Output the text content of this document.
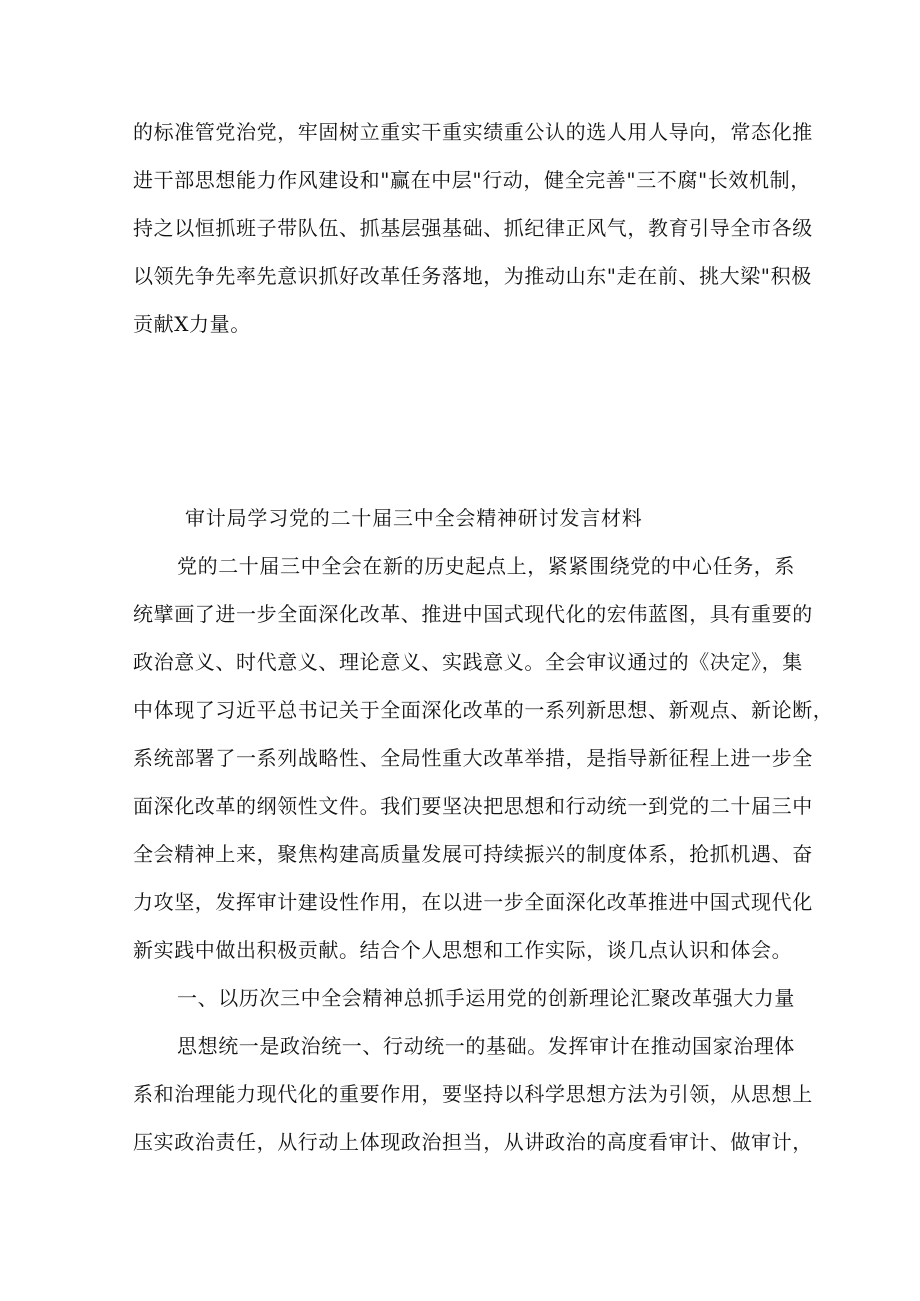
的标准管党治党，牢固树立重实干重实绩重公认的选人用人导向，常态化推
进干部思想能力作风建设和"赢在中层"行动，健全完善"三不腐"长效机制，
持之以恒抓班子带队伍、抓基层强基础、抓纪律正风气，教育引导全市各级
以领先争先率先意识抓好改革任务落地，为推动山东"走在前、挑大梁"积极
贡献X力量。
审计局学习党的二十届三中全会精神研讨发言材料
党的二十届三中全会在新的历史起点上，紧紧围绕党的中心任务，系
统擘画了进一步全面深化改革、推进中国式现代化的宏伟蓝图，具有重要的
政治意义、时代意义、理论意义、实践意义。全会审议通过的《决定》，集
中体现了习近平总书记关于全面深化改革的一系列新思想、新观点、新论断，
系统部署了一系列战略性、全局性重大改革举措，是指导新征程上进一步全
面深化改革的纲领性文件。我们要坚决把思想和行动统一到党的二十届三中
全会精神上来，聚焦构建高质量发展可持续振兴的制度体系，抢抓机遇、奋
力攻坚，发挥审计建设性作用，在以进一步全面深化改革推进中国式现代化
新实践中做出积极贡献。结合个人思想和工作实际，谈几点认识和体会。
一、以历次三中全会精神总抓手运用党的创新理论汇聚改革强大力量
思想统一是政治统一、行动统一的基础。发挥审计在推动国家治理体
系和治理能力现代化的重要作用，要坚持以科学思想方法为引领，从思想上
压实政治责任，从行动上体现政治担当，从讲政治的高度看审计、做审计，
